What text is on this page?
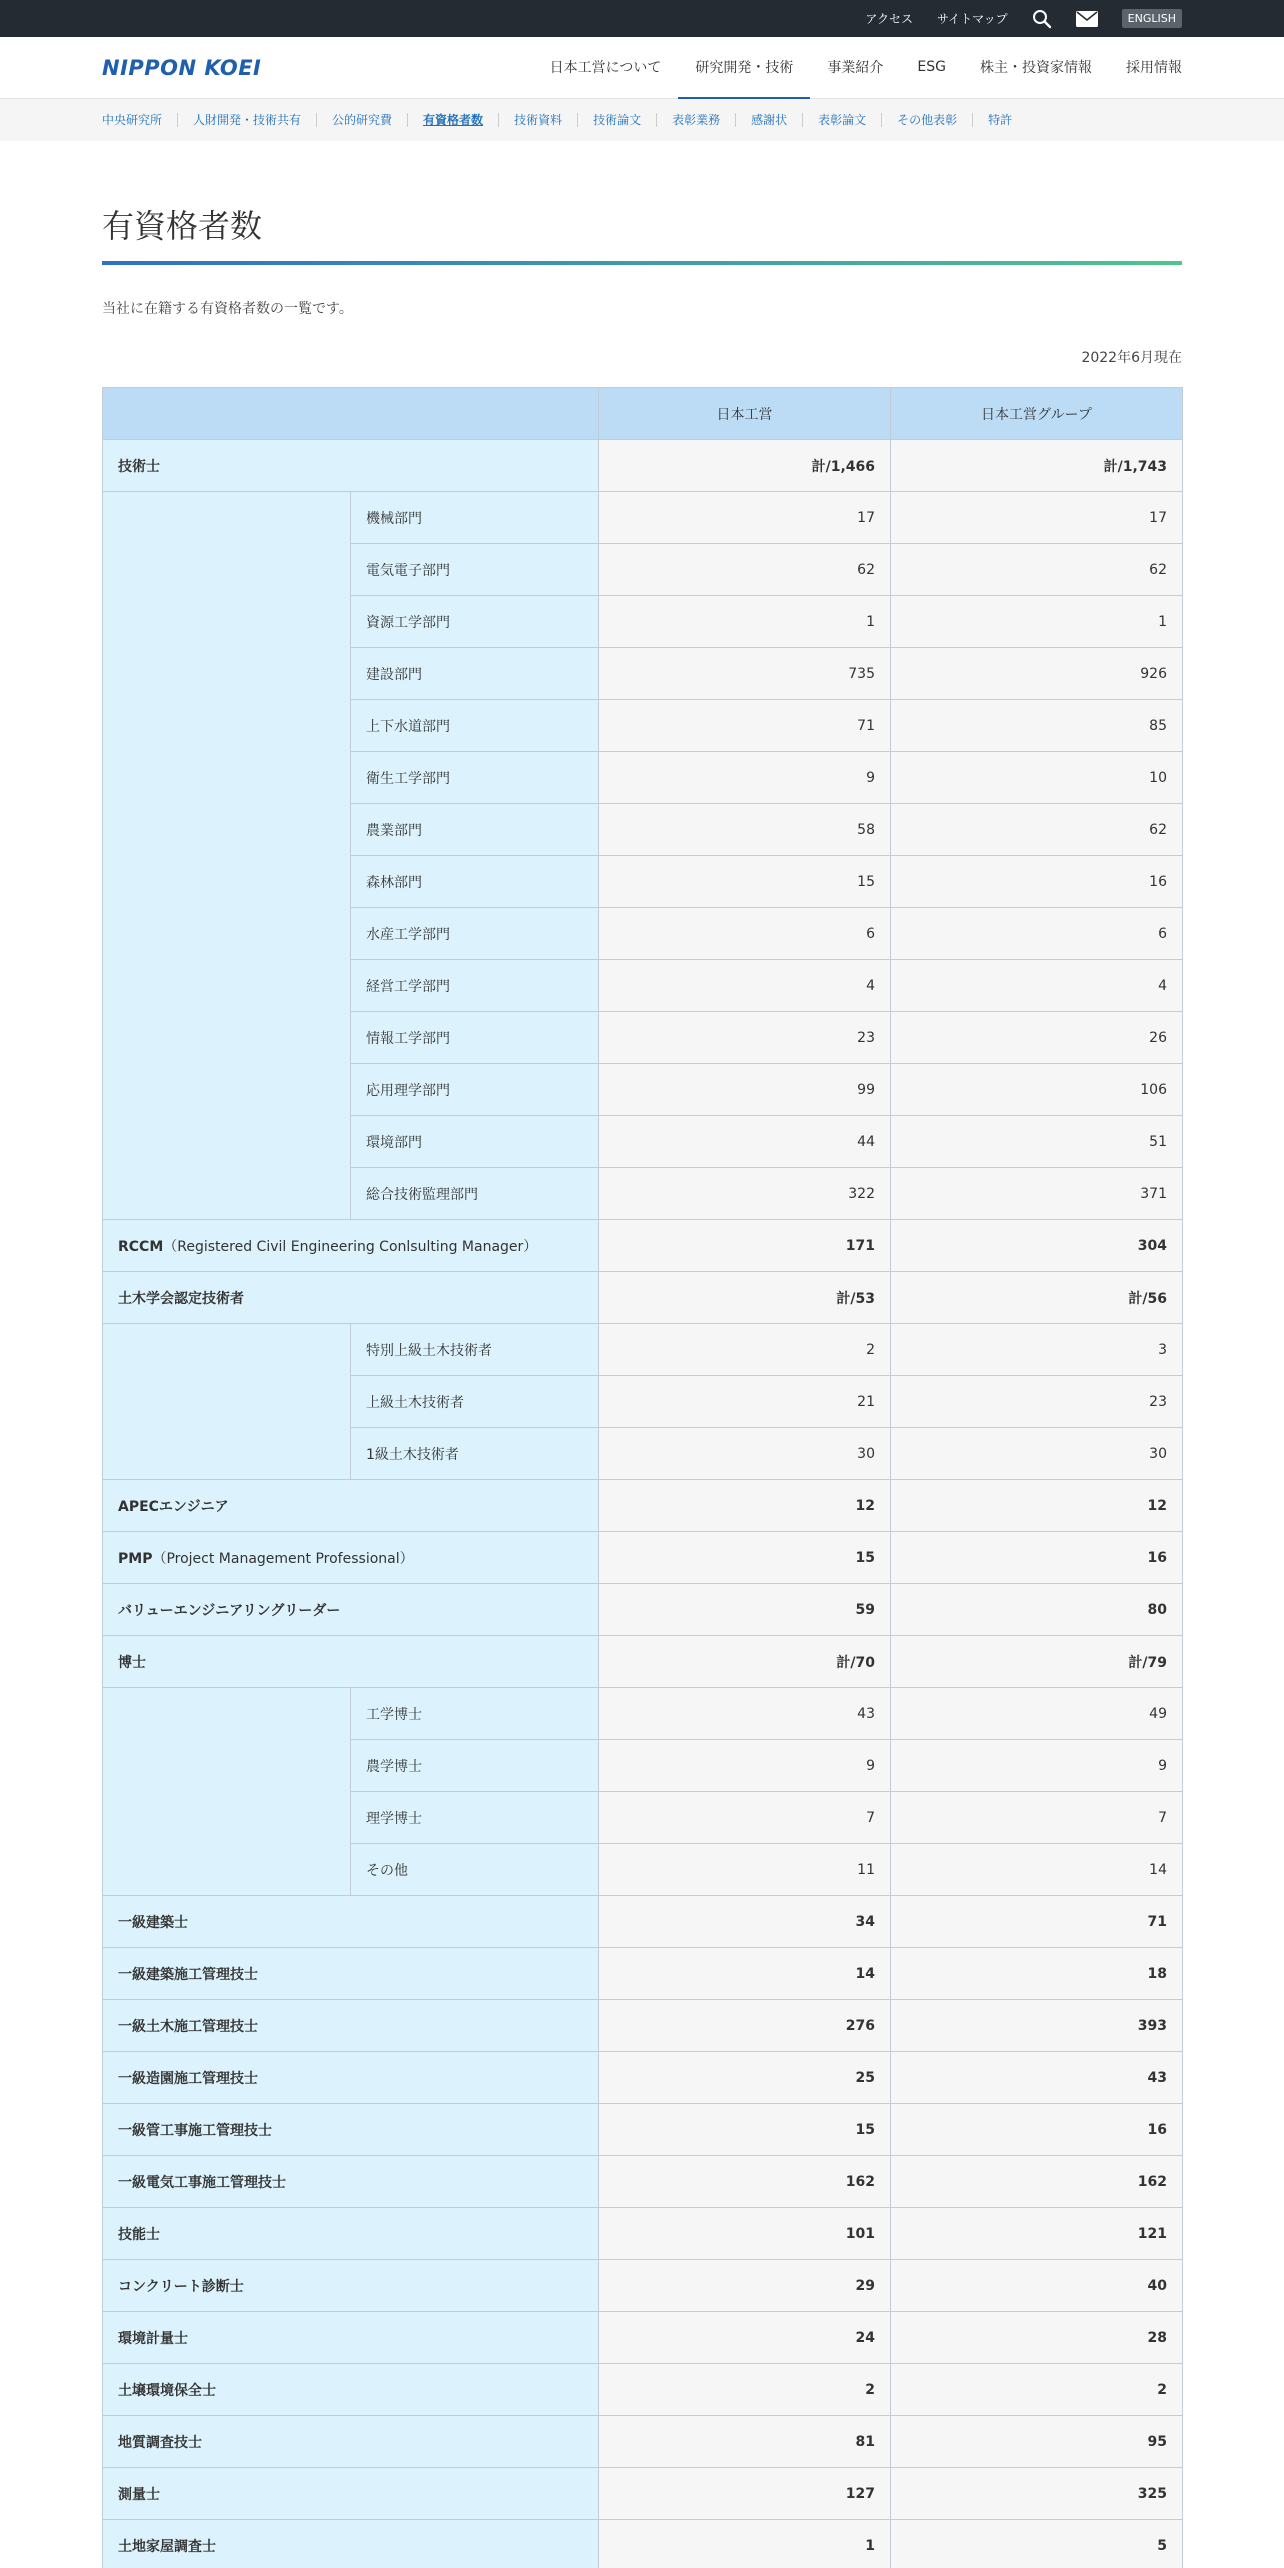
アクセス サイトマップ	ENGLISH
NIPPON KOEI	日本工営について	研究開発・技術	事業紹介	ESG	株主・投資家情報	採用情報
中央研究所	人財開発・技術共有	公的研究費	有資格者数	技術資料	技術論文	表彰業務	感謝状	表彰論文	その他表彰	特許
有資格者数

当社に在籍する有資格者数の一覧です。

2022年6月現在

		日本工営	日本工営グループ
技術士		計/1,466	計/1,743
	機械部門	17	17
	電気電子部門	62	62
	資源工学部門	1	1
	建設部門	735	926
	上下水道部門	71	85
	衛生工学部門	9	10
	農業部門	58	62
	森林部門	15	16
	水産工学部門	6	6
	経営工学部門	4	4
	情報工学部門	23	26
	応用理学部門	99	106
	環境部門	44	51
	総合技術監理部門	322	371
RCCM（Registered Civil Engineering Conlsulting Manager）		171	304
土木学会認定技術者		計/53	計/56
	特別上級土木技術者	2	3
	上級土木技術者	21	23
	1級土木技術者	30	30
APECエンジニア		12	12
PMP（Project Management Professional）		15	16
バリューエンジニアリングリーダー		59	80
博士		計/70	計/79
	工学博士	43	49
	農学博士	9	9
	理学博士	7	7
	その他	11	14
一級建築士		34	71
一級建築施工管理技士		14	18
一級土木施工管理技士		276	393
一級造園施工管理技士		25	43
一級管工事施工管理技士		15	16
一級電気工事施工管理技士		162	162
技能士		101	121
コンクリート診断士		29	40
環境計量士		24	28
土壌環境保全士		2	2
地質調査技士		81	95
測量士		127	325
土地家屋調査士		1	5
